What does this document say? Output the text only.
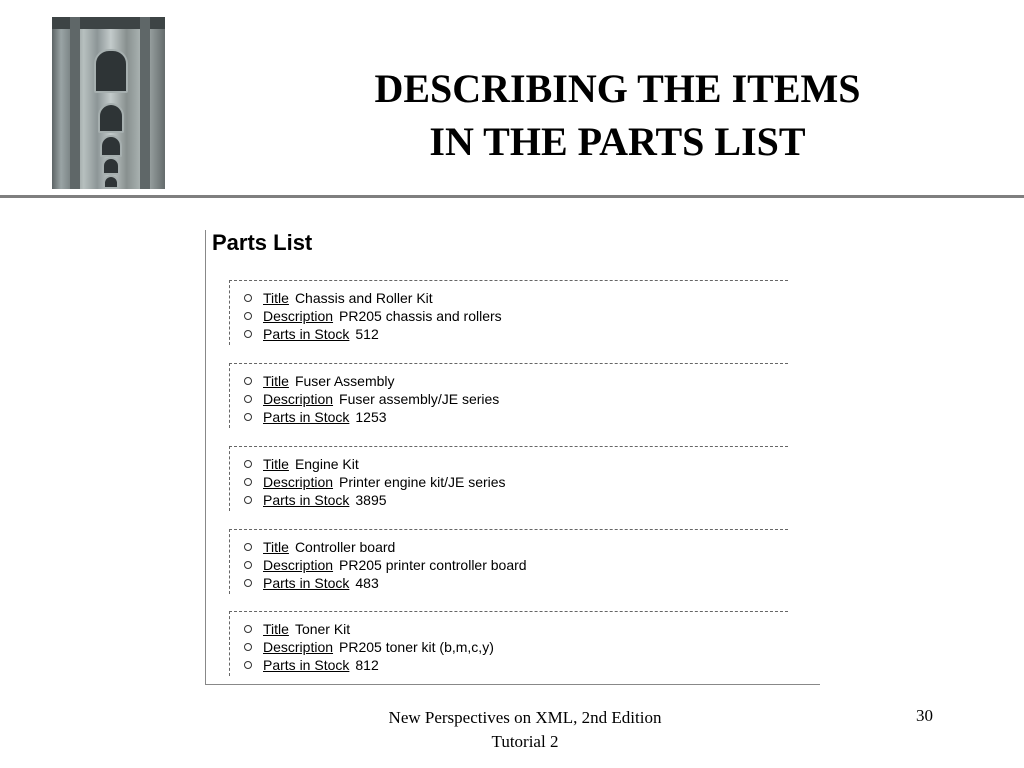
DESCRIBING THE ITEMS
IN THE PARTS LIST
Parts List
Title Chassis and Roller Kit
Description PR205 chassis and rollers
Parts in Stock 512
Title Fuser Assembly
Description Fuser assembly/JE series
Parts in Stock 1253
Title Engine Kit
Description Printer engine kit/JE series
Parts in Stock 3895
Title Controller board
Description PR205 printer controller board
Parts in Stock 483
Title Toner Kit
Description PR205 toner kit (b,m,c,y)
Parts in Stock 812
New Perspectives on XML, 2nd Edition
Tutorial 2
30
